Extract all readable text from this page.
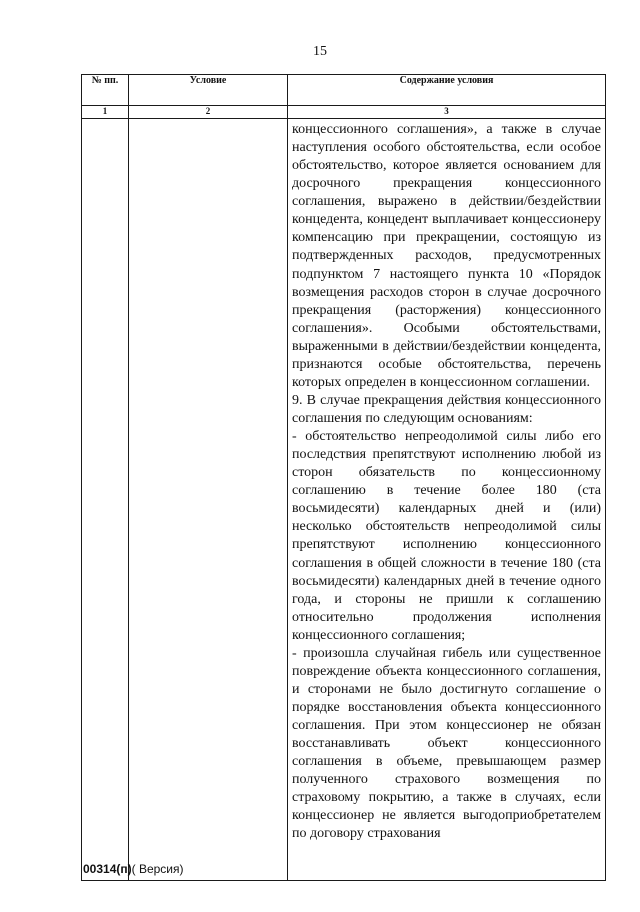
15
№ пп.	Условие	Содержание условия
1	2	3

		концессионного соглашения», а также в случае наступления особого обстоятельства, если особое обстоятельство, которое является основанием для досрочного прекращения концессионного соглашения, выражено в действии/бездействии концедента, концедент выплачивает концессионеру компенсацию при прекращении, состоящую из подтвержденных расходов, предусмотренных подпунктом 7 настоящего пункта 10 «Порядок возмещения расходов сторон в случае досрочного прекращения (расторжения) концессионного соглашения». Особыми обстоятельствами, выраженными в действии/бездействии концедента, признаются особые обстоятельства, перечень которых определен в концессионном соглашении.

9. В случае прекращения действия концессионного соглашения по следующим основаниям:

- обстоятельство непреодолимой силы либо его последствия препятствуют исполнению любой из сторон обязательств по концессионному соглашению в течение более 180 (ста восьмидесяти) календарных дней и (или) несколько обстоятельств непреодолимой силы препятствуют исполнению концессионного соглашения в общей сложности в течение 180 (ста восьмидесяти) календарных дней в течение одного года, и стороны не пришли к соглашению относительно продолжения исполнения концессионного соглашения;

- произошла случайная гибель или существенное повреждение объекта концессионного соглашения, и сторонами не было достигнуто соглашение о порядке восстановления объекта концессионного соглашения. При этом концессионер не обязан восстанавливать объект концессионного соглашения в объеме, превышающем размер полученного страхового возмещения по страховому покрытию, а также в случаях, если концессионер не является выгодоприобретателем по договору страхования

00314(п)( Версия)
